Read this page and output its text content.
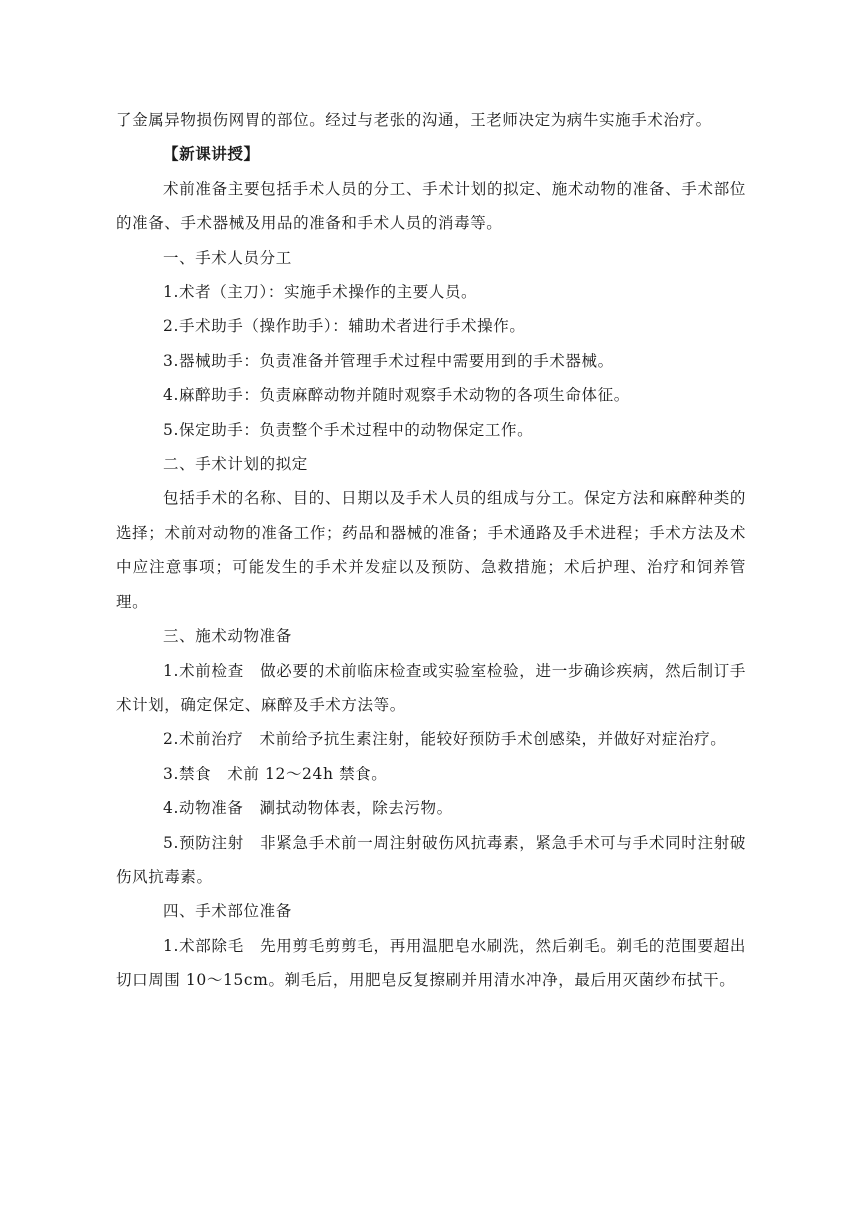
了金属异物损伤网胃的部位。经过与老张的沟通，王老师决定为病牛实施手术治疗。

【新课讲授】

术前准备主要包括手术人员的分工、手术计划的拟定、施术动物的准备、手术部位的准备、手术器械及用品的准备和手术人员的消毒等。

一、手术人员分工

1.术者（主刀）：实施手术操作的主要人员。

2.手术助手（操作助手）：辅助术者进行手术操作。

3.器械助手：负责准备并管理手术过程中需要用到的手术器械。

4.麻醉助手：负责麻醉动物并随时观察手术动物的各项生命体征。

5.保定助手：负责整个手术过程中的动物保定工作。

二、手术计划的拟定

包括手术的名称、目的、日期以及手术人员的组成与分工。保定方法和麻醉种类的选择；术前对动物的准备工作；药品和器械的准备；手术通路及手术进程；手术方法及术中应注意事项；可能发生的手术并发症以及预防、急救措施；术后护理、治疗和饲养管理。

三、施术动物准备

1.术前检查　做必要的术前临床检查或实验室检验，进一步确诊疾病，然后制订手术计划，确定保定、麻醉及手术方法等。

2.术前治疗　术前给予抗生素注射，能较好预防手术创感染，并做好对症治疗。

3.禁食　术前 12～24h 禁食。

4.动物准备　涮拭动物体表，除去污物。

5.预防注射　非紧急手术前一周注射破伤风抗毒素，紧急手术可与手术同时注射破伤风抗毒素。

四、手术部位准备

1.术部除毛　先用剪毛剪剪毛，再用温肥皂水刷洗，然后剃毛。剃毛的范围要超出切口周围 10～15cm。剃毛后，用肥皂反复擦刷并用清水冲净，最后用灭菌纱布拭干。
